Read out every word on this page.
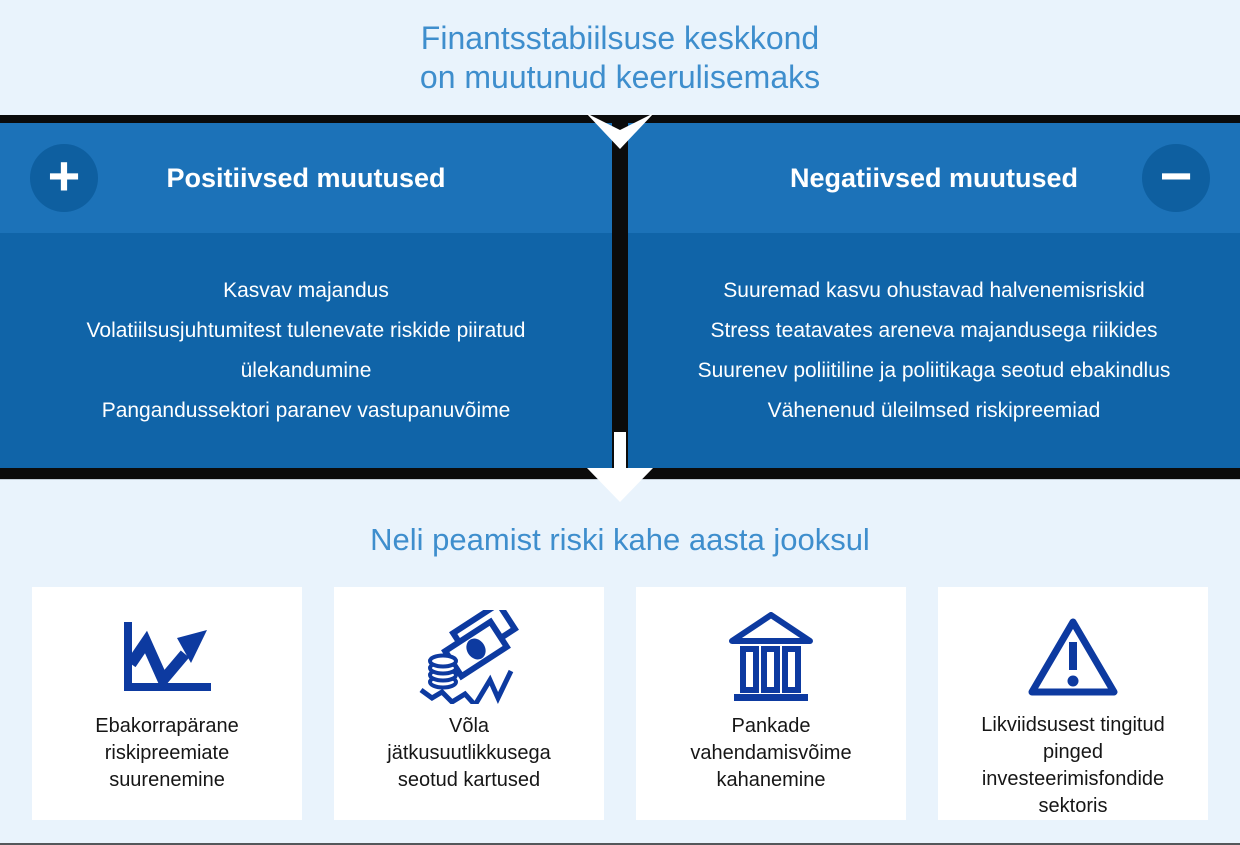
Finantsstabiilsuse keskkond
on muutunud keerulisemaks
+	Positiivsed muutused

Kasvav majandus

Volatiilsusjuhtumitest tulenevate riskide piiratud ülekandumine

Pangandussektori paranev vastupanuvõime

Negatiivsed muutused	−

Suuremad kasvu ohustavad halvenemisriskid

Stress teatavates areneva majandusega riikides

Suurenev poliitiline ja poliitikaga seotud ebakindlus

Vähenenud üleilmsed riskipreemiad

Neli peamist riski kahe aasta jooksul
Ebakorrapärane riskipreemiate suurenemine
Võla jätkusuutlikkusega seotud kartused
Pankade vahendamisvõime kahanemine
Likviidsusest tingitud pinged investeerimisfondide sektoris
